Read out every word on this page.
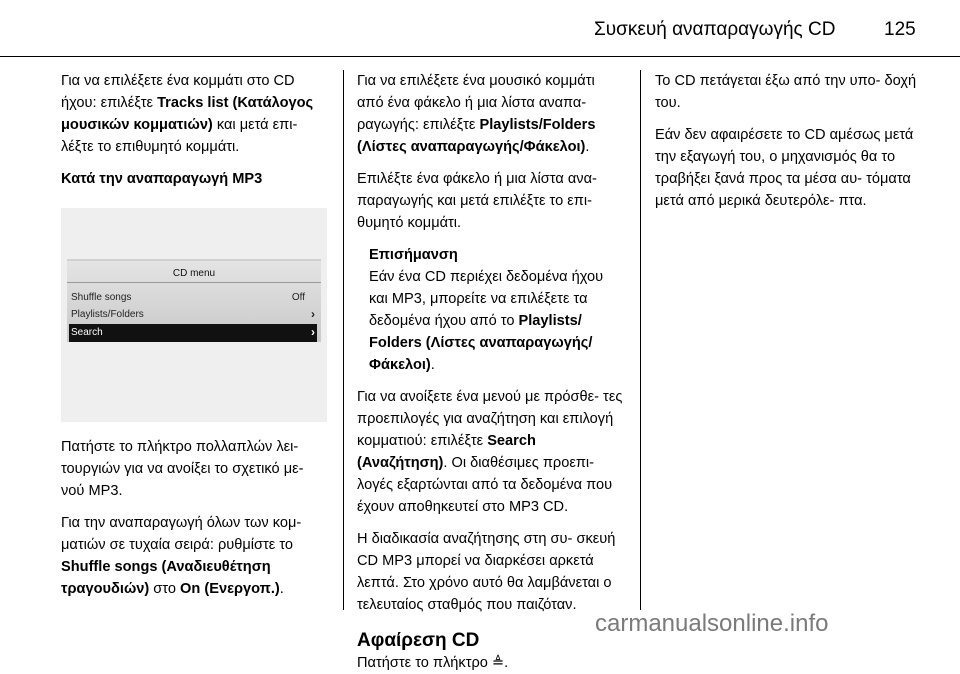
Συσκευή αναπαραγωγής CD	125

Για να επιλέξετε ένα κομμάτι στο CD ήχου: επιλέξτε Tracks list (Κατάλογος μουσικών κομματιών) και μετά επι- λέξτε το επιθυμητό κομμάτι.

Κατά την αναπαραγωγή MP3

CD menu
Shuffle songs	Off
Playlists/Folders	›
Search	›

Πατήστε το πλήκτρο πολλαπλών λει- τουργιών για να ανοίξει το σχετικό με- νού MP3.

Για την αναπαραγωγή όλων των κομ- ματιών σε τυχαία σειρά: ρυθμίστε το Shuffle songs (Αναδιευθέτηση τραγουδιών) στο On (Ενεργοπ.).

Για να επιλέξετε ένα μουσικό κομμάτι από ένα φάκελο ή μια λίστα αναπα- ραγωγής: επιλέξτε Playlists/Folders (Λίστες αναπαραγωγής/Φάκελοι).

Επιλέξτε ένα φάκελο ή μια λίστα ανα- παραγωγής και μετά επιλέξτε το επι- θυμητό κομμάτι.

Επισήμανση
Εάν ένα CD περιέχει δεδομένα ήχου και MP3, μπορείτε να επιλέξετε τα δεδομένα ήχου από το Playlists/ Folders (Λίστες αναπαραγωγής/ Φάκελοι).

Για να ανοίξετε ένα μενού με πρόσθε- τες προεπιλογές για αναζήτηση και επιλογή κομματιού: επιλέξτε Search (Αναζήτηση). Οι διαθέσιμες προεπι- λογές εξαρτώνται από τα δεδομένα που έχουν αποθηκευτεί στο MP3 CD.

Η διαδικασία αναζήτησης στη συ- σκευή CD MP3 μπορεί να διαρκέσει αρκετά λεπτά. Στο χρόνο αυτό θα λαμβάνεται ο τελευταίος σταθμός που παιζόταν.

Αφαίρεση CD

Πατήστε το πλήκτρο ≜.

Το CD πετάγεται έξω από την υπο- δοχή του.

Εάν δεν αφαιρέσετε το CD αμέσως μετά την εξαγωγή του, ο μηχανισμός θα το τραβήξει ξανά προς τα μέσα αυ- τόματα μετά από μερικά δευτερόλε- πτα.

carmanualsonline.info
